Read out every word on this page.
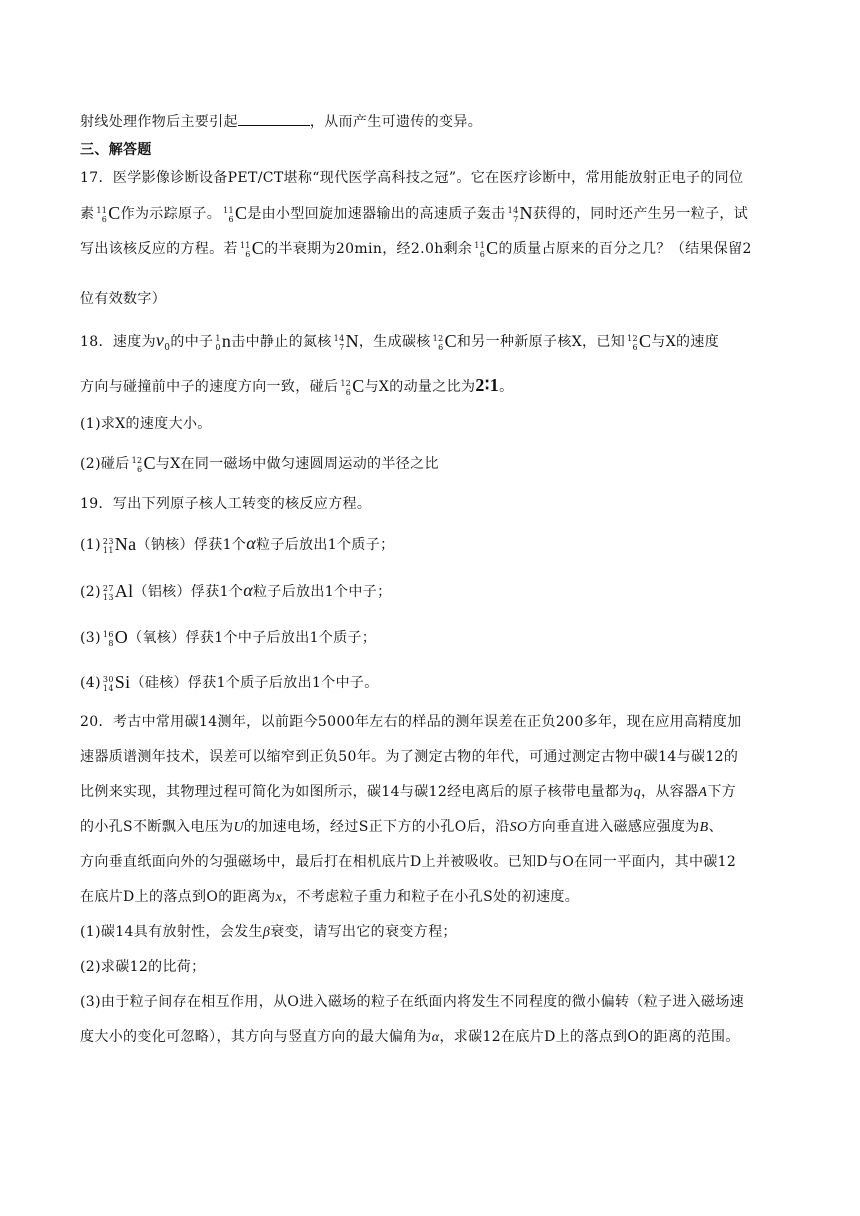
射线处理作物后主要引起	，从而产生可遗传的变异。
三、解答题
17．医学影像诊断设备PET/CT堪称“现代医学高科技之冠”。它在医疗诊断中，常用能放射正电子的同位
素 11
6 C作为示踪原子。 11
6 C是由小型回旋加速器输出的高速质子轰击 14
7 N获得的，同时还产生另一粒子，试
写出该核反应的方程。若 11
6 C的半衰期为20min，经2.0h剩余 11
6 C的质量占原来的百分之几？（结果保留2
位有效数字）
18．速度为$v_0$的中子 1
0 n击中静止的氮核 14
7 N，生成碳核 12
6 C和另一种新原子核X，已知 12
6 C与X的速度
方向与碰撞前中子的速度方向一致，碰后 12
6 C与X的动量之比为2∶1。
(1)求X的速度大小。
(2)碰后 12
6 C与X在同一磁场中做匀速圆周运动的半径之比
19．写出下列原子核人工转变的核反应方程。
(1) 23
11 Na（钠核）俘获1个α粒子后放出1个质子；
(2) 27
13 Al（铝核）俘获1个α粒子后放出1个中子；
(3) 16
8 O（氧核）俘获1个中子后放出1个质子；
(4) 30
14 Si（硅核）俘获1个质子后放出1个中子。
20．考古中常用碳14测年，以前距今5000年左右的样品的测年误差在正负200多年，现在应用高精度加
速器质谱测年技术，误差可以缩窄到正负50年。为了测定古物的年代，可通过测定古物中碳14与碳12的
比例来实现，其物理过程可简化为如图所示，碳14与碳12经电离后的原子核带电量都为q，从容器A下方
的小孔S不断飘入电压为U的加速电场，经过S正下方的小孔O后，沿SO方向垂直进入磁感应强度为B、
方向垂直纸面向外的匀强磁场中，最后打在相机底片D上并被吸收。已知D与O在同一平面内，其中碳12
在底片D上的落点到O的距离为x，不考虑粒子重力和粒子在小孔S处的初速度。
(1)碳14具有放射性，会发生β衰变，请写出它的衰变方程；
(2)求碳12的比荷；
(3)由于粒子间存在相互作用，从O进入磁场的粒子在纸面内将发生不同程度的微小偏转（粒子进入磁场速
度大小的变化可忽略），其方向与竖直方向的最大偏角为α，求碳12在底片D上的落点到O的距离的范围。
